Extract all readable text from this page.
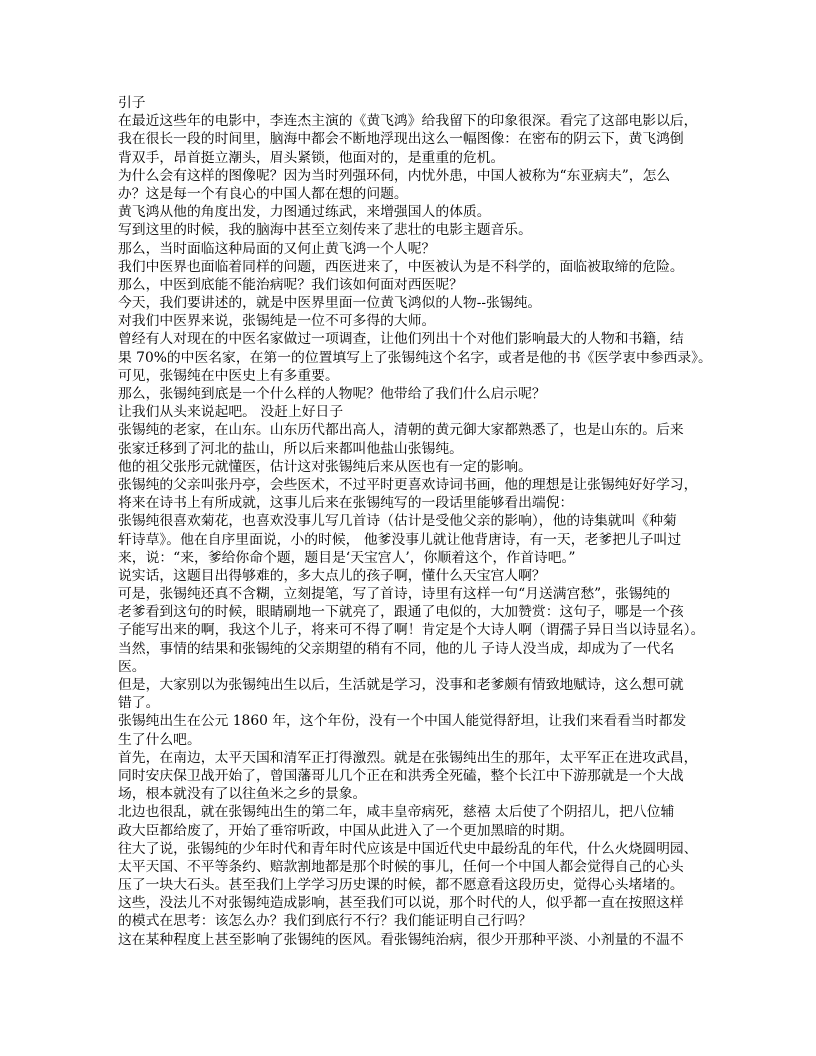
引子
在最近这些年的电影中，李连杰主演的《黄飞鸿》给我留下的印象很深。看完了这部电影以后，
我在很长一段的时间里，脑海中都会不断地浮现出这么一幅图像：在密布的阴云下，黄飞鸿倒
背双手，昂首挺立潮头，眉头紧锁，他面对的，是重重的危机。
为什么会有这样的图像呢？因为当时列强环伺，内忧外患，中国人被称为“东亚病夫”，怎么
办？这是每一个有良心的中国人都在想的问题。
黄飞鸿从他的角度出发，力图通过练武，来增强国人的体质。
写到这里的时候，我的脑海中甚至立刻传来了悲壮的电影主题音乐。
那么，当时面临这种局面的又何止黄飞鸿一个人呢？
我们中医界也面临着同样的问题，西医进来了，中医被认为是不科学的，面临被取缔的危险。
那么，中医到底能不能治病呢？我们该如何面对西医呢？
今天，我们要讲述的，就是中医界里面一位黄飞鸿似的人物--张锡纯。
对我们中医界来说，张锡纯是一位不可多得的大师。
曾经有人对现在的中医名家做过一项调查，让他们列出十个对他们影响最大的人物和书籍，结
果 70%的中医名家，在第一的位置填写上了张锡纯这个名字，或者是他的书《医学衷中参西录》。
可见，张锡纯在中医史上有多重要。
那么，张锡纯到底是一个什么样的人物呢？他带给了我们什么启示呢？
让我们从头来说起吧。 没赶上好日子
张锡纯的老家，在山东。山东历代都出高人，清朝的黄元御大家都熟悉了，也是山东的。后来
张家迁移到了河北的盐山，所以后来都叫他盐山张锡纯。
他的祖父张彤元就懂医，估计这对张锡纯后来从医也有一定的影响。
张锡纯的父亲叫张丹亭，会些医术，不过平时更喜欢诗词书画，他的理想是让张锡纯好好学习，
将来在诗书上有所成就，这事儿后来在张锡纯写的一段话里能够看出端倪：
张锡纯很喜欢菊花，也喜欢没事儿写几首诗（估计是受他父亲的影响），他的诗集就叫《种菊
轩诗草》。他在自序里面说，小的时候， 他爹没事儿就让他背唐诗，有一天，老爹把儿子叫过
来，说：“来，爹给你命个题，题目是‘天宝宫人’，你顺着这个，作首诗吧。”
说实话，这题目出得够难的，多大点儿的孩子啊，懂什么天宝宫人啊？
可是，张锡纯还真不含糊，立刻提笔，写了首诗，诗里有这样一句“月送满宫愁”，张锡纯的
老爹看到这句的时候，眼睛刷地一下就亮了，跟通了电似的，大加赞赏：这句子，哪是一个孩
子能写出来的啊，我这个儿子，将来可不得了啊！肯定是个大诗人啊（谓孺子异日当以诗显名）。
当然，事情的结果和张锡纯的父亲期望的稍有不同，他的儿 子诗人没当成，却成为了一代名
医。
但是，大家别以为张锡纯出生以后，生活就是学习，没事和老爹颇有情致地赋诗，这么想可就
错了。
张锡纯出生在公元 1860 年，这个年份，没有一个中国人能觉得舒坦，让我们来看看当时都发
生了什么吧。
首先，在南边，太平天国和清军正打得激烈。就是在张锡纯出生的那年，太平军正在进攻武昌，
同时安庆保卫战开始了，曾国藩哥儿几个正在和洪秀全死磕，整个长江中下游那就是一个大战
场，根本就没有了以往鱼米之乡的景象。
北边也很乱，就在张锡纯出生的第二年，咸丰皇帝病死，慈禧 太后使了个阴招儿，把八位辅
政大臣都给废了，开始了垂帘听政，中国从此进入了一个更加黑暗的时期。
往大了说，张锡纯的少年时代和青年时代应该是中国近代史中最纷乱的年代，什么火烧圆明园、
太平天国、不平等条约、赔款割地都是那个时候的事儿，任何一个中国人都会觉得自己的心头
压了一块大石头。甚至我们上学学习历史课的时候，都不愿意看这段历史，觉得心头堵堵的。
这些，没法儿不对张锡纯造成影响，甚至我们可以说，那个时代的人，似乎都一直在按照这样
的模式在思考：该怎么办？我们到底行不行？我们能证明自己行吗？
这在某种程度上甚至影响了张锡纯的医风。看张锡纯治病，很少开那种平淡、小剂量的不温不
